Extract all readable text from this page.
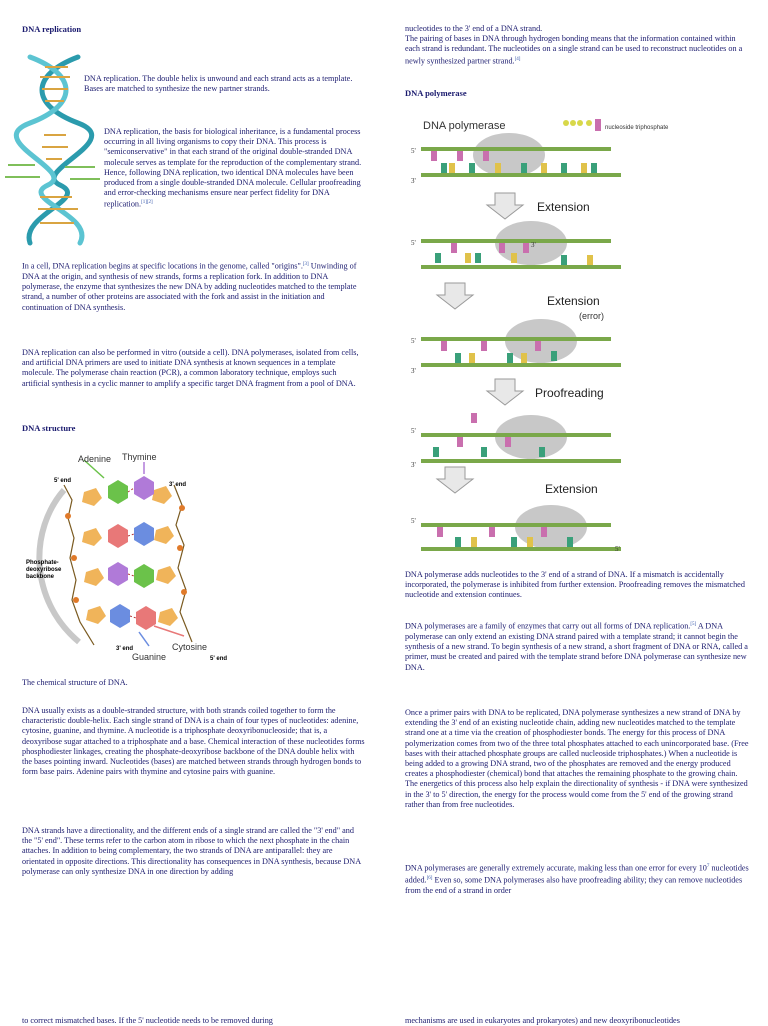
DNA replication

DNA replication. The double helix is unwound and each strand acts as a template. Bases are matched to synthesize the new partner strands.

DNA replication, the basis for biological inheritance, is a fundamental process occurring in all living organisms to copy their DNA. This process is "semiconservative" in that each strand of the original double-stranded DNA molecule serves as template for the reproduction of the complementary strand. Hence, following DNA replication, two identical DNA molecules have been produced from a single double-stranded DNA molecule. Cellular proofreading and error-checking mechanisms ensure near perfect fidelity for DNA replication.[1][2]

In a cell, DNA replication begins at specific locations in the genome, called "origins".[3] Unwinding of DNA at the origin, and synthesis of new strands, forms a replication fork. In addition to DNA polymerase, the enzyme that synthesizes the new DNA by adding nucleotides matched to the template strand, a number of other proteins are associated with the fork and assist in the initiation and continuation of DNA synthesis.

DNA replication can also be performed in vitro (outside a cell). DNA polymerases, isolated from cells, and artificial DNA primers are used to initiate DNA synthesis at known sequences in a template molecule. The polymerase chain reaction (PCR), a common laboratory technique, employs such artificial synthesis in a cyclic manner to amplify a specific target DNA fragment from a pool of DNA.

DNA structure
Adenine Thymine
5' end
3' end
3' end
5' end
Guanine
Cytosine
Phosphate-deoxyribose backbone

The chemical structure of DNA.

DNA usually exists as a double-stranded structure, with both strands coiled together to form the characteristic double-helix. Each single strand of DNA is a chain of four types of nucleotides: adenine, cytosine, guanine, and thymine. A nucleotide is a triphosphate deoxyribonucleoside; that is, a deoxyribose sugar attached to a triphosphate and a base. Chemical interaction of these nucleotides forms phosphodiester linkages, creating the phosphate-deoxyribose backbone of the DNA double helix with the bases pointing inward. Nucleotides (bases) are matched between strands through hydrogen bonds to form base pairs. Adenine pairs with thymine and cytosine pairs with guanine.

DNA strands have a directionality, and the different ends of a single strand are called the "3' end" and the "5' end". These terms refer to the carbon atom in ribose to which the next phosphate in the chain attaches. In addition to being complementary, the two strands of DNA are antiparallel: they are orientated in opposite directions. This directionality has consequences in DNA synthesis, because DNA polymerase can only synthesize DNA in one direction by adding

to correct mismatched bases. If the 5' nucleotide needs to be removed during

nucleotides to the 3' end of a DNA strand.
The pairing of bases in DNA through hydrogen bonding means that the information contained within each strand is redundant. The nucleotides on a single strand can be used to reconstruct nucleotides on a newly synthesized partner strand.[4]

DNA polymerase
DNA polymerase	nucleoside triphosphate
5'
3'
Extension
5'	3'
Extension
(error)
5'
3'
Proofreading
5'
3'
Extension
5'
5'

DNA polymerase adds nucleotides to the 3' end of a strand of DNA. If a mismatch is accidentally incorporated, the polymerase is inhibited from further extension. Proofreading removes the mismatched nucleotide and extension continues.

DNA polymerases are a family of enzymes that carry out all forms of DNA replication.[5] A DNA polymerase can only extend an existing DNA strand paired with a template strand; it cannot begin the synthesis of a new strand. To begin synthesis of a new strand, a short fragment of DNA or RNA, called a primer, must be created and paired with the template strand before DNA polymerase can synthesize new DNA.

Once a primer pairs with DNA to be replicated, DNA polymerase synthesizes a new strand of DNA by extending the 3' end of an existing nucleotide chain, adding new nucleotides matched to the template strand one at a time via the creation of phosphodiester bonds. The energy for this process of DNA polymerization comes from two of the three total phosphates attached to each unincorporated base. (Free bases with their attached phosphate groups are called nucleoside triphosphates.) When a nucleotide is being added to a growing DNA strand, two of the phosphates are removed and the energy produced creates a phosphodiester (chemical) bond that attaches the remaining phosphate to the growing chain. The energetics of this process also help explain the directionality of synthesis - if DNA were synthesized in the 3' to 5' direction, the energy for the process would come from the 5' end of the growing strand rather than from free nucleotides.

DNA polymerases are generally extremely accurate, making less than one error for every $10^7$ nucleotides added.[6] Even so, some DNA polymerases also have proofreading ability; they can remove nucleotides from the end of a strand in order

mechanisms are used in eukaryotes and prokaryotes) and new deoxyribonucleotides
